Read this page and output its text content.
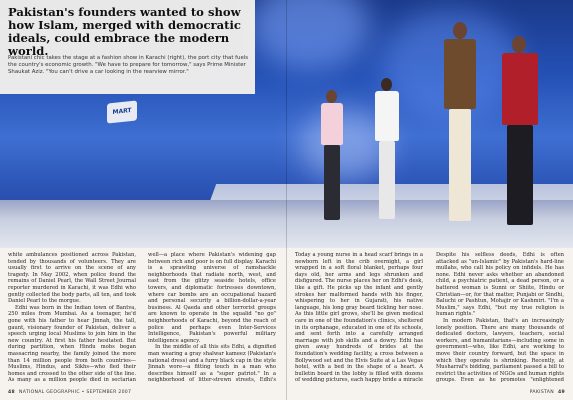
MART
Pakistan's founders wanted to show how Islam, merged with democratic ideals, could embrace the modern world.

Pakistani chic takes the stage at a fashion show in Karachi (right), the port city that fuels the country's economic growth. "We have to prepare for tomorrow," says Prime Minister Shaukat Aziz. "You can't drive a car looking in the rearview mirror."

white ambulances positioned across Pakistan, tended by thousands of volunteers. They are usually first to arrive on the scene of any tragedy. In May 2002, when police found the remains of Daniel Pearl, the Wall Street Journal reporter murdered in Karachi, it was Edhi who gently collected the body parts, all ten, and took Daniel Pearl to the morgue.

Edhi was born in the Indian town of Bantva, 250 miles from Mumbai. As a teenager, he'd gone with his father to hear Jinnah, the tall, gaunt, visionary founder of Pakistan, deliver a speech urging local Muslims to join him in the new country. At first his father hesitated. But during partition, when Hindu mobs began massacring nearby, the family joined the more than 14 million people from both countries—Muslims, Hindus, and Sikhs—who fled their homes and crossed to the other side of the line. As many as a million people died in sectarian

well—a place where Pakistan's widening gap between rich and poor is on full display. Karachi is a sprawling universe of ramshackle neighborhoods that radiate north, west, and east from the glitzy seaside hotels, office towers, and diplomatic fortresses downtown, where car bombs are an occupational hazard and personal security a billion-dollar-a-year business. Al Qaeda and other terrorist groups are known to operate in the squalid "no go" neighborhoods of Karachi, beyond the reach of police and perhaps even Inter-Services Intelligence, Pakistan's powerful military intelligence agency.

In the middle of all this sits Edhi, a dignified man wearing a gray shalwar kameez (Pakistan's national dress) and a furry black cap in the style Jinnah wore—a fitting touch in a man who describes himself as a "super patriot." In a neighborhood of litter-strewn streets, Edhi's

Today a young nurse in a head scarf brings in a newborn left in the crib overnight, a girl wrapped in a soft floral blanket, perhaps four days old, her arms and legs shrunken and disfigured. The nurse places her on Edhi's desk, like a gift. He picks up the infant and gently strokes her malformed hands with his finger, whispering to her in Gujarati, his native language, his long gray beard tickling her nose. As this little girl grows, she'll be given medical care in one of the foundation's clinics, sheltered in its orphanage, educated in one of its schools, and sent forth into a carefully arranged marriage with job skills and a dowry. Edhi has given away hundreds of brides at the foundation's wedding facility, a cross between a Bollywood set and the Elvis Suite at a Las Vegas hotel, with a bed in the shape of a heart. A bulletin board in the lobby is filled with dozens of wedding pictures, each happy bride a miracle

Despite his selfless deeds, Edhi is often attacked as "un-Islamic" by Pakistan's hard-line mullahs, who call his policy on infidels. He has none. Edhi never asks whether an abandoned child, a psychiatric patient, a dead person, or a battered woman is Sunni or Shiite, Hindu or Christian—or, for that matter, Punjabi or Sindhi, Baluchi or Pashtun, Mohajir or Kashmiri. "I'm a Muslim," says Edhi, "but my true religion is human rights."

In modern Pakistan, that's an increasingly lonely position. There are many thousands of dedicated doctors, lawyers, teachers, social workers, and humanitarians—including some in government—who, like Edhi, are working to move their country forward, but the space in which they operate is shrinking. Recently, at Musharraf's bidding, parliament passed a bill to restrict the activities of NGOs and human rights groups. Even as he promotes "enlightened

48 NATIONAL GEOGRAPHIC • SEPTEMBER 2007	PAKISTAN 49
